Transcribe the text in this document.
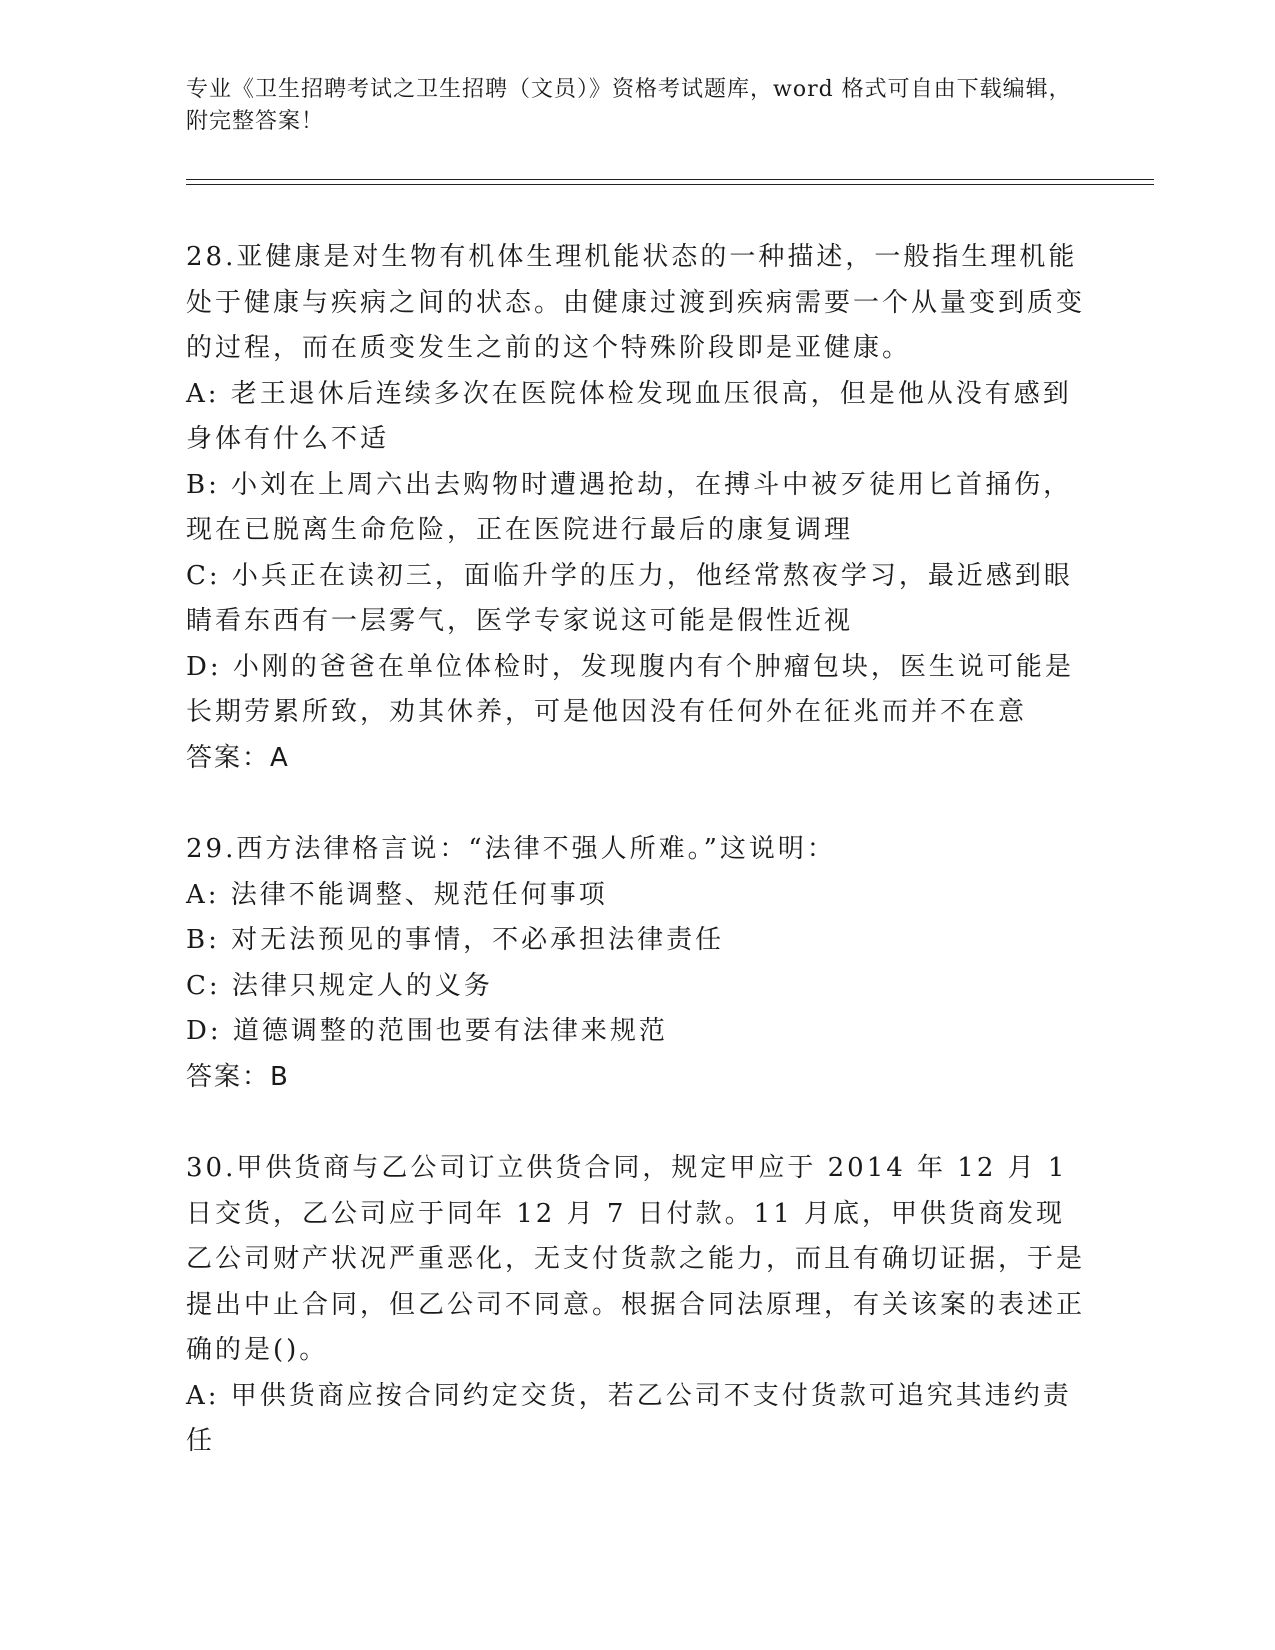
专业《卫生招聘考试之卫生招聘（文员）》资格考试题库，word 格式可自由下载编辑，附完整答案！

28.亚健康是对生物有机体生理机能状态的一种描述，一般指生理机能处于健康与疾病之间的状态。由健康过渡到疾病需要一个从量变到质变的过程，而在质变发生之前的这个特殊阶段即是亚健康。

A: 老王退休后连续多次在医院体检发现血压很高，但是他从没有感到身体有什么不适

B: 小刘在上周六出去购物时遭遇抢劫，在搏斗中被歹徒用匕首捅伤，现在已脱离生命危险，正在医院进行最后的康复调理

C: 小兵正在读初三，面临升学的压力，他经常熬夜学习，最近感到眼睛看东西有一层雾气，医学专家说这可能是假性近视

D: 小刚的爸爸在单位体检时，发现腹内有个肿瘤包块，医生说可能是长期劳累所致，劝其休养，可是他因没有任何外在征兆而并不在意

答案：A

29.西方法律格言说：“法律不强人所难。”这说明：

A: 法律不能调整、规范任何事项

B: 对无法预见的事情，不必承担法律责任

C: 法律只规定人的义务

D: 道德调整的范围也要有法律来规范

答案：B

30.甲供货商与乙公司订立供货合同，规定甲应于 2014 年 12 月 1 日交货，乙公司应于同年 12 月 7 日付款。11 月底，甲供货商发现乙公司财产状况严重恶化，无支付货款之能力，而且有确切证据，于是提出中止合同，但乙公司不同意。根据合同法原理，有关该案的表述正确的是()。

A: 甲供货商应按合同约定交货，若乙公司不支付货款可追究其违约责任
